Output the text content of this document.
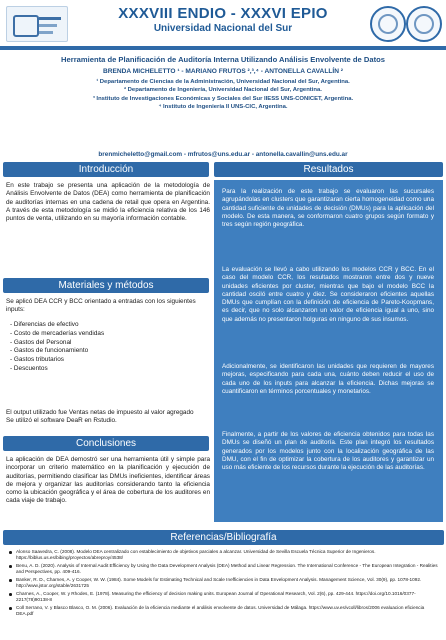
XXXVIII ENDIO - XXXVI EPIO
Universidad Nacional del Sur
Herramienta de Planificación de Auditoría Interna Utilizando Análisis Envolvente de Datos
BRENDA MICHELETTO ¹ - MARIANO FRUTOS ²,³,⁴ - ANTONELLA CAVALLÍN ²
¹ Departamento de Ciencias de la Administración, Universidad Nacional del Sur, Argentina.
² Departamento de Ingeniería, Universidad Nacional del Sur, Argentina.
³ Instituto de Investigaciones Económicas y Sociales del Sur IIESS UNS-CONICET, Argentina.
⁴ Instituto de Ingeniería II UNS-CIC, Argentina.
brenmicheletto@gmail.com - mfrutos@uns.edu.ar - antonella.cavallin@uns.edu.ar
Introducción
En este trabajo se presenta una aplicación de la metodología de Análisis Envolvente de Datos (DEA) como herramienta de planificación de auditorías internas en una cadena de retail que opera en Argentina. A través de esta metodología se midió la eficiencia relativa de los 146 puntos de venta, utilizando en su mayoría información contable.
Materiales y métodos
Se aplicó DEA CCR y BCC orientado a entradas con los siguientes inputs:
- Diferencias de efectivo
- Costo de mercaderías vendidas
- Gastos del Personal
- Gastos de funcionamiento
- Gastos tributarios
- Descuentos
El output utilizado fue Ventas netas de impuesto al valor agregado
Se utilizó el software DeaR en Rstudio.
Conclusiones
La aplicación de DEA demostró ser una herramienta útil y simple para incorporar un criterio matemático en la planificación y ejecución de auditorías, permitiendo clasificar las DMUs ineficientes, identificar áreas de mejora y organizar las auditorías considerando tanto la eficiencia como la ubicación geográfica y el área de cobertura de los auditores en cada viaje de trabajo.
Resultados
Para la realización de este trabajo se evaluaron las sucursales agrupándolas en clusters que garantizaran cierta homogeneidad como una cantidad suficiente de unidades de decisión (DMUs) para la aplicación del modelo. De esta manera, se conformaron cuatro grupos según formato y tres según región geográfica.
La evaluación se llevó a cabo utilizando los modelos CCR y BCC. En el caso del modelo CCR, los resultados mostraron entre dos y nueve unidades eficientes por cluster, mientras que bajo el modelo BCC la cantidad osciló entre cuatro y diez. Se consideraron eficientes aquellas DMUs que cumplían con la definición de eficiencia de Pareto-Koopmans, es decir, que no solo alcanzaron un valor de eficiencia igual a uno, sino que además no presentaron holguras en ninguno de sus insumos.
Adicionalmente, se identificaron las unidades que requieren de mayores mejoras, especificando para cada una, cuánto deben reducir el uso de cada uno de los inputs para alcanzar la eficiencia. Dichas mejoras se cuantificaron en términos porcentuales y monetarios.
Finalmente, a partir de los valores de eficiencia obtenidos para todas las DMUs se diseñó un plan de auditoría. Este plan integró los resultados generados por los modelos junto con la localización geográfica de las DMU, con el fin de optimizar la cobertura de los auditores y garantizar un uso más eficiente de los recursos durante la ejecución de las auditorías.
Referencias/Bibliografía
Alonso Saavedra, C. (2008). Modelo DEA centralizado con establecimiento de objetivos parciales a alcanzar. Universidad de Sevilla Escuela Técnica Superior de Ingenieros. https://biblus.us.es/bibing/proyectos/abreproy/4538/
Benu, A. D. (2020). Analysis of Internal Audit Efficiency by Using the Data Development Analysis (DEA) Method and Linear Regression. The International Conference - The European Integration - Realities and Perspectives, pp. 409-416.
Banker, R. D., Charnes, A. y Cooper, W. W. (1984). Some Models for Estimating Technical and Scale Inefficiencies in Data Envelopment Analysis. Management Science, Vol. 30(9), pp. 1078-1092. http://www.jstor.org/stable/2631725
Charnes, A., Cooper, W. y Rhodes, E. (1978). Measuring the efficiency of decision making units. European Journal of Operational Research, Vol. 2(6), pp. 429-444. https://doi.org/10.1016/0377-2217(78)90138-8
Coll Serrano, V. y Blasco Blasco, O. M. (2006). Evaluación de la eficiencia mediante el análisis envolvente de datos. Universidad de Málaga. https://www.uv.es/vcoll/libros/2006 evaluacion eficiencia DEA.pdf
